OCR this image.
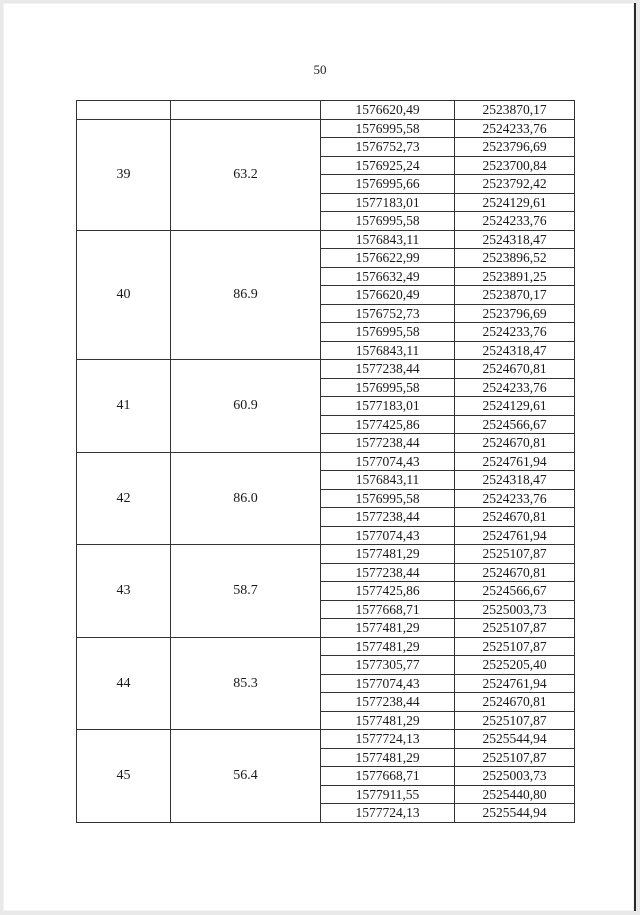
50
		1576620,49	2523870,17
39	63.2	1576995,58	2524233,76
		1576752,73	2523796,69
		1576925,24	2523700,84
		1576995,66	2523792,42
		1577183,01	2524129,61
		1576995,58	2524233,76
40	86.9	1576843,11	2524318,47
		1576622,99	2523896,52
		1576632,49	2523891,25
		1576620,49	2523870,17
		1576752,73	2523796,69
		1576995,58	2524233,76
		1576843,11	2524318,47
41	60.9	1577238,44	2524670,81
		1576995,58	2524233,76
		1577183,01	2524129,61
		1577425,86	2524566,67
		1577238,44	2524670,81
42	86.0	1577074,43	2524761,94
		1576843,11	2524318,47
		1576995,58	2524233,76
		1577238,44	2524670,81
		1577074,43	2524761,94
43	58.7	1577481,29	2525107,87
		1577238,44	2524670,81
		1577425,86	2524566,67
		1577668,71	2525003,73
		1577481,29	2525107,87
44	85.3	1577481,29	2525107,87
		1577305,77	2525205,40
		1577074,43	2524761,94
		1577238,44	2524670,81
		1577481,29	2525107,87
45	56.4	1577724,13	2525544,94
		1577481,29	2525107,87
		1577668,71	2525003,73
		1577911,55	2525440,80
		1577724,13	2525544,94
